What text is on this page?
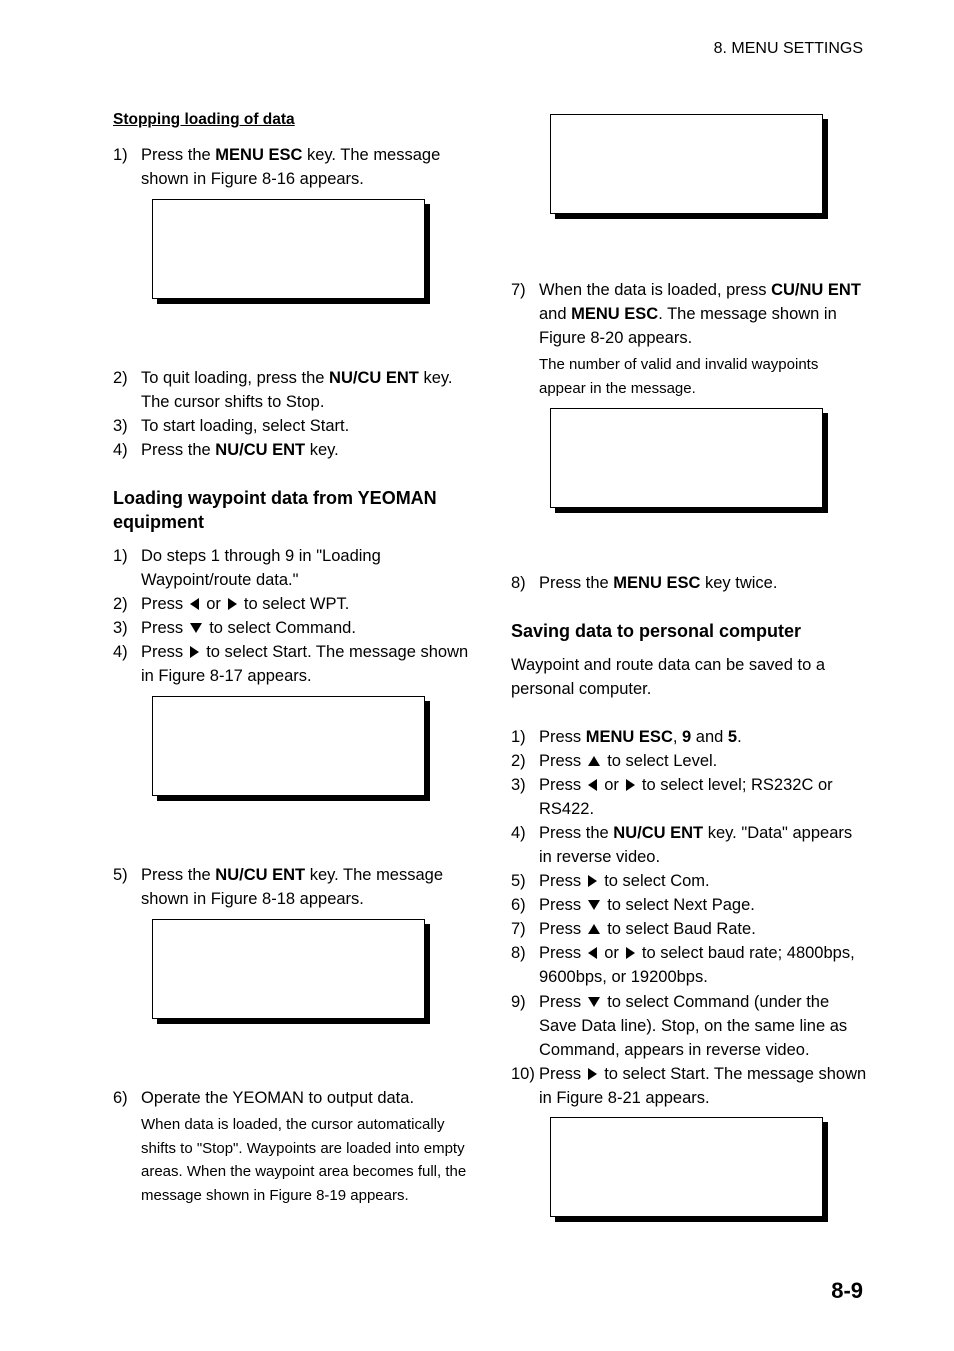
8. MENU SETTINGS
8-9
Stopping loading of data
1) Press the MENU ESC key. The message shown in Figure 8-16 appears.
2) To quit loading, press the NU/CU ENT key. The cursor shifts to Stop.
3) To start loading, select Start.
4) Press the NU/CU ENT key.
Loading waypoint data from YEOMAN equipment
1) Do steps 1 through 9 in "Loading Waypoint/route data."
2) Press or to select WPT.
3) Press to select Command.
4) Press to select Start. The message shown in Figure 8-17 appears.
5) Press the NU/CU ENT key. The message shown in Figure 8-18 appears.
6) Operate the YEOMAN to output data.
When data is loaded, the cursor automatically shifts to "Stop". Waypoints are loaded into empty areas. When the waypoint area becomes full, the message shown in Figure 8-19 appears.
7) When the data is loaded, press CU/NU ENT and MENU ESC. The message shown in Figure 8-20 appears.
The number of valid and invalid waypoints appear in the message.
8) Press the MENU ESC key twice.
Saving data to personal computer
Waypoint and route data can be saved to a personal computer.
1) Press MENU ESC, 9 and 5.
2) Press to select Level.
3) Press or to select level; RS232C or RS422.
4) Press the NU/CU ENT key. "Data" appears in reverse video.
5) Press to select Com.
6) Press to select Next Page.
7) Press to select Baud Rate.
8) Press or to select baud rate; 4800bps, 9600bps, or 19200bps.
9) Press to select Command (under the Save Data line). Stop, on the same line as Command, appears in reverse video.
10) Press to select Start. The message shown in Figure 8-21 appears.
